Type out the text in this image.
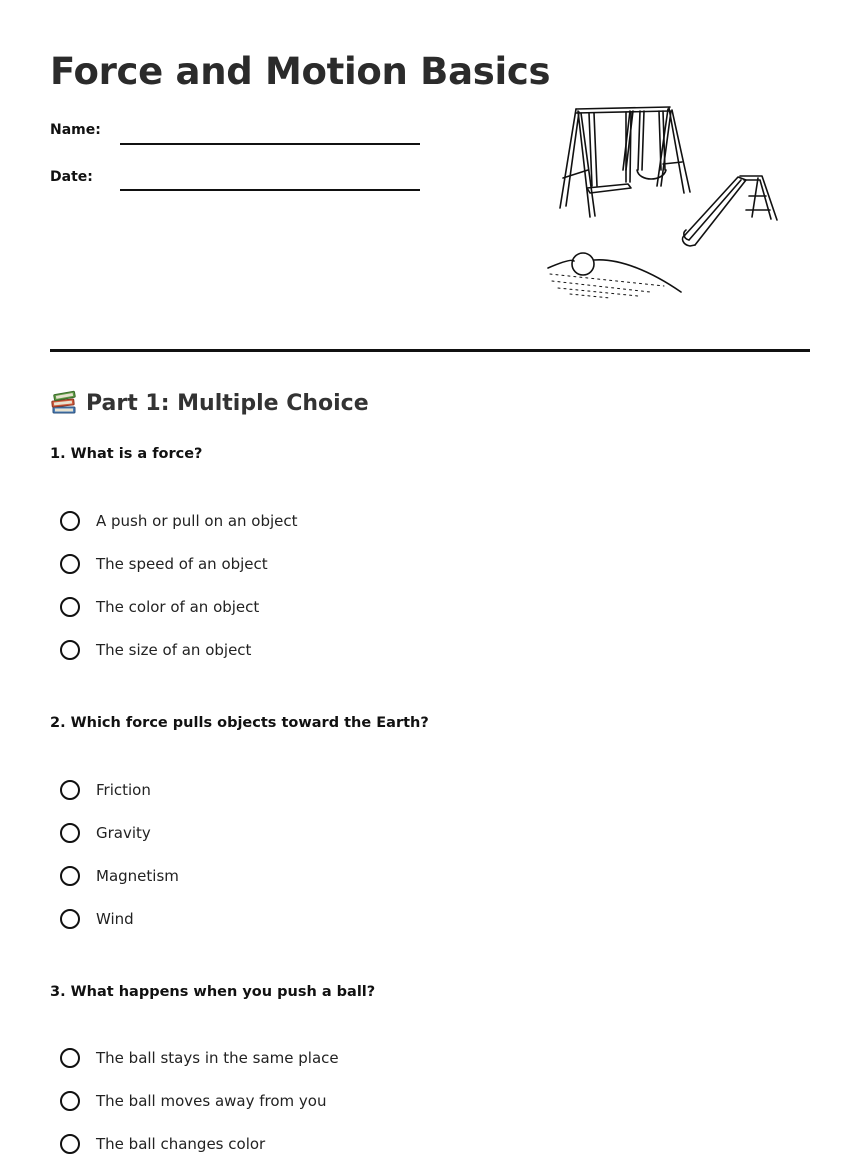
Force and Motion Basics
Name:
Date:
Part 1: Multiple Choice

1. What is a force?

A push or pull on an object
The speed of an object
The color of an object
The size of an object

2. Which force pulls objects toward the Earth?

Friction
Gravity
Magnetism
Wind

3. What happens when you push a ball?

The ball stays in the same place
The ball moves away from you
The ball changes color
